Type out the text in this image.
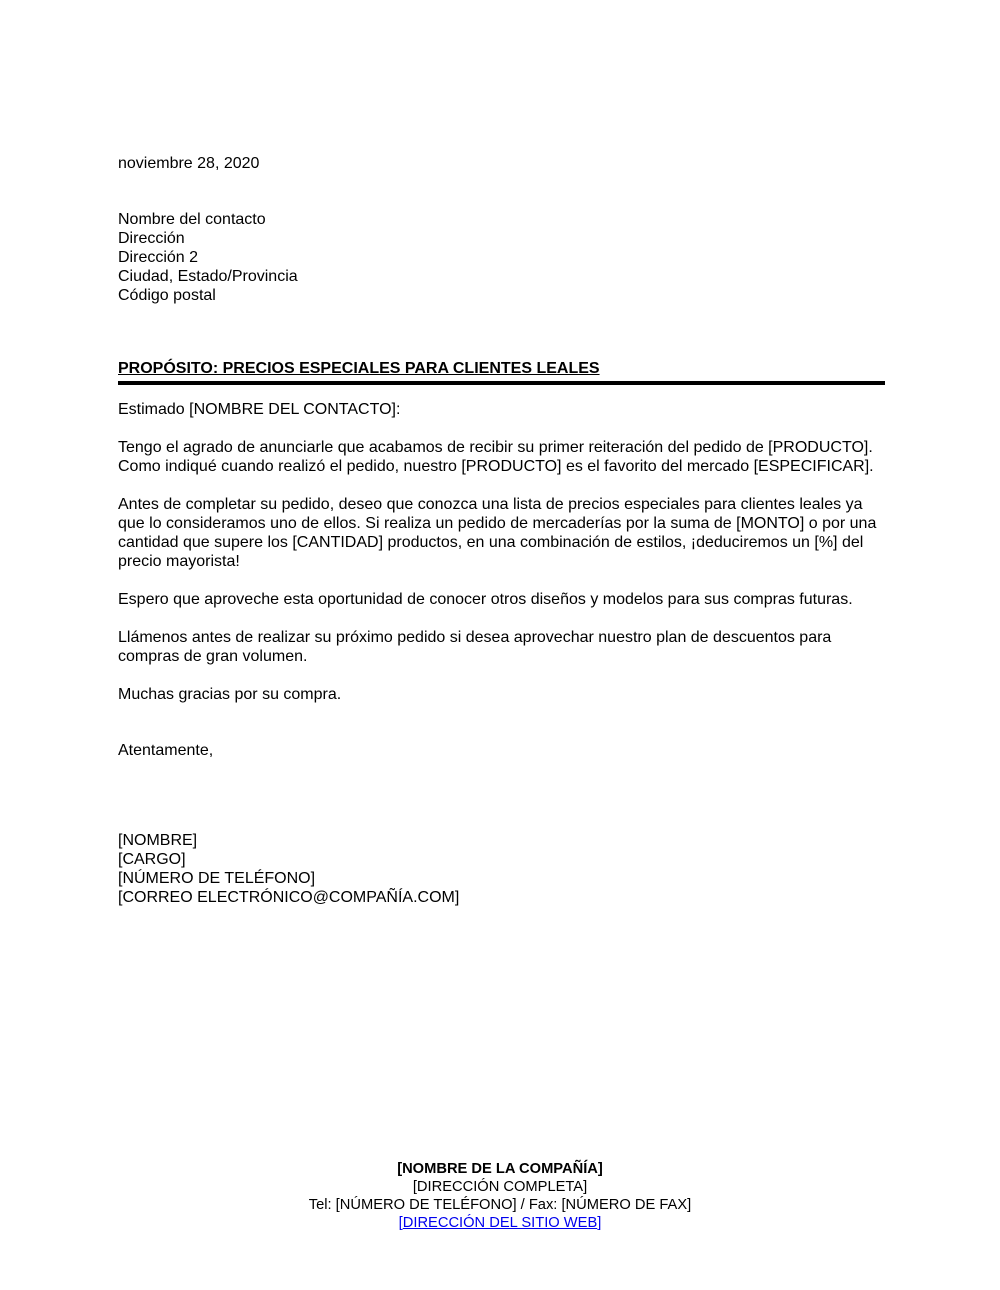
noviembre 28, 2020

Nombre del contacto
Dirección
Dirección 2
Ciudad, Estado/Provincia
Código postal
PROPÓSITO: PRECIOS ESPECIALES PARA CLIENTES LEALES

Estimado [NOMBRE DEL CONTACTO]:

Tengo el agrado de anunciarle que acabamos de recibir su primer reiteración del pedido de [PRODUCTO]. Como indiqué cuando realizó el pedido, nuestro [PRODUCTO] es el favorito del mercado [ESPECIFICAR].

Antes de completar su pedido, deseo que conozca una lista de precios especiales para clientes leales ya que lo consideramos uno de ellos. Si realiza un pedido de mercaderías por la suma de [MONTO] o por una cantidad que supere los [CANTIDAD] productos, en una combinación de estilos, ¡deduciremos un [%] del precio mayorista!

Espero que aproveche esta oportunidad de conocer otros diseños y modelos para sus compras futuras.

Llámenos antes de realizar su próximo pedido si desea aprovechar nuestro plan de descuentos para compras de gran volumen.

Muchas gracias por su compra.

Atentamente,

[NOMBRE]
[CARGO]
[NÚMERO DE TELÉFONO]
[CORREO ELECTRÓNICO@COMPAÑÍA.COM]
[NOMBRE DE LA COMPAÑÍA]
[DIRECCIÓN COMPLETA]
Tel: [NÚMERO DE TELÉFONO] / Fax: [NÚMERO DE FAX]
[DIRECCIÓN DEL SITIO WEB]
